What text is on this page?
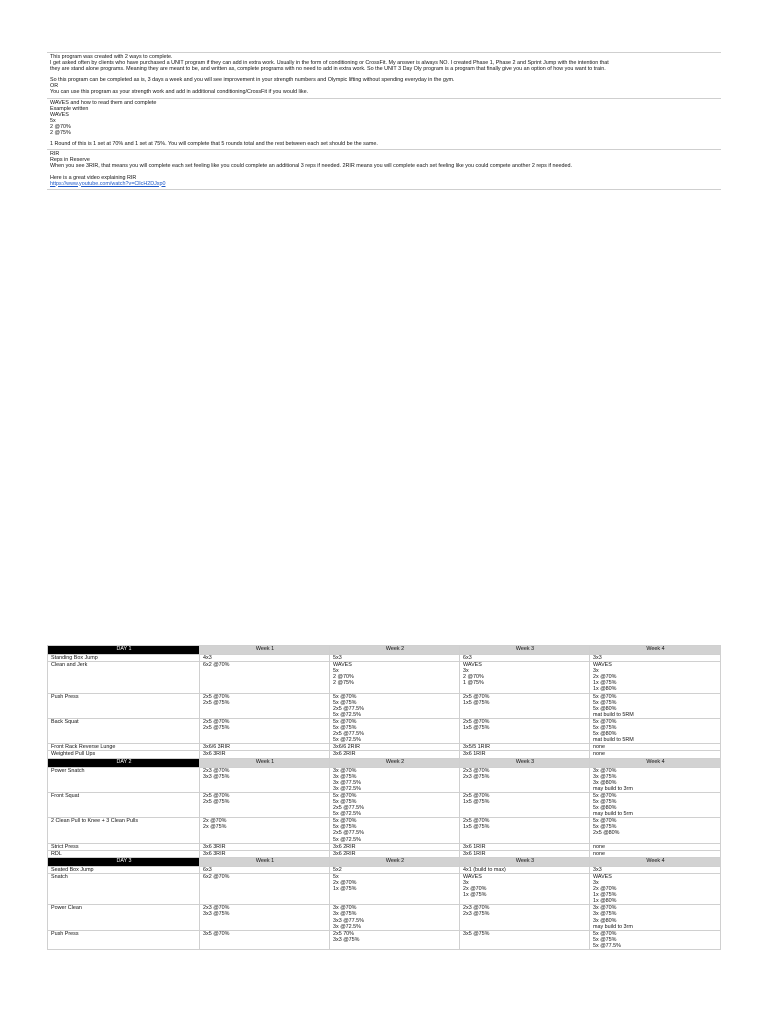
This program was created with 2 ways to complete.
I get asked often by clients who have purchased a UNIT program if they can add in extra work. Usually in the form of conditioning or CrossFit. My answer is always NO. I created Phase 1, Phase 2 and Sprint Jump with the intention that
they are stand alone programs. Meaning they are meant to be, and written as, complete programs with no need to add in extra work. So the UNIT 3 Day Oly program is a program that finally give you an option of how you want to train.
So this program can be completed as is, 3 days a week and you will see improvement in your strength numbers and Olympic lifting without spending everyday in the gym.
OR
You can use this program as your strength work and add in additional conditioning/CrossFit if you would like.
WAVES and how to read them and complete
Example written
WAVES
5x
2 @70%
2 @75%
1 Round of this is 1 set at 70% and 1 set at 75%. You will complete that 5 rounds total and the rest between each set should be the same.
RIR
Reps in Reserve
When you see 3RIR, that means you will complete each set feeling like you could complete an additional 3 reps if needed. 2RIR means you will complete each set feeling like you could compete another 2 reps if needed.
Here is a great video explaining RIR
https://www.youtube.com/watch?v=CllсH2DJxp0
DAY 1	Week 1	Week 2	Week 3	Week 4
Standing Box Jump	4x3	5x3	6x3	3x3

Clean and Jerk	6x2 @70%	WAVES
5x
2 @70%
2 @75%	WAVES
3x
2 @70%
1 @75%	WAVES
3x
2x @70%
1x @75%
1x @80%

Push Press	2x5 @70%
2x5 @75%	5x @70%
5x @75%
2x5 @77.5%
5x @72.5%	2x5 @70%
1x5 @75%	5x @70%
5x @75%
5x @80%
mat build to 5RM

Back Squat	2x5 @70%
2x5 @75%	5x @70%
5x @75%
2x5 @77.5%
5x @72.5%	2x5 @70%
1x5 @75%	5x @70%
5x @75%
5x @80%
mat build to 5RM

Front Rack Reverse Lunge	3x6/6 3RIR	3x6/6 2RIR	3x5/5 1RIR	none

Weighted Pull Ups	3x6 3RIR	3x6 2RIR	3x6 1RIR	none

DAY 2	Week 1	Week 2	Week 3	Week 4
Power Snatch	2x3 @70%
3x3 @75%	3x @70%
3x @75%
3x @77.5%
3x @72.5%	2x3 @70%
2x3 @75%	3x @70%
3x @75%
3x @80%
may build to 3rm

Front Squat	2x5 @70%
2x5 @75%	5x @70%
5x @75%
2x5 @77.5%
5x @72.5%	2x5 @70%
1x5 @75%	5x @70%
5x @75%
5x @80%
may build to 5rm

2 Clean Pull to Knee + 3 Clean Pulls	2x @70%
2x @75%	5x @70%
5x @75%
2x5 @77.5%
5x @72.5%	2x5 @70%
1x5 @75%	5x @70%
5x @75%
2x5 @80%

Strict Press	3x6 3RIR	3x6 2RIR	3x6 1RIR	none

RDL	3x6 3RIR	3x6 2RIR	3x6 1RIR	none

DAY 3	Week 1	Week 2	Week 3	Week 4
Seated Box Jump	6x3	5x2	4x1 (build to max)	3x3

Snatch	6x2 @70%	5x
2x @70%
1x @75%	WAVES
3x
2x @70%
1x @75%	WAVES
3x
2x @70%
1x @75%
1x @80%

Power Clean	2x3 @70%
3x3 @75%	3x @70%
3x @75%
3x3 @77.5%
3x @72.5%	2x3 @70%
2x3 @75%	3x @70%
3x @75%
3x @80%
may build to 3rm

Push Press	3x5 @70%	2x5 70%
3x3 @75%	3x5 @75%	5x @70%
5x @75%
5x @77.5%
